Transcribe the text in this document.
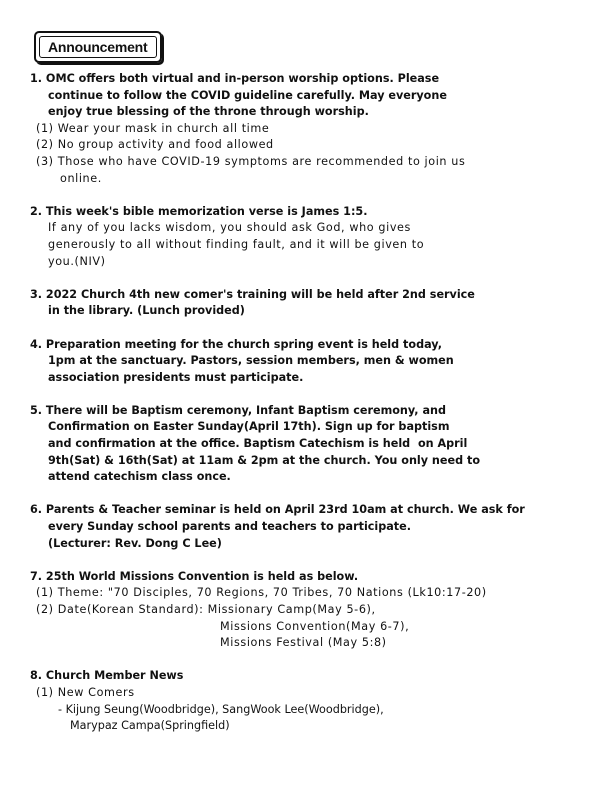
Announcement
1. OMC offers both virtual and in-person worship options. Please
continue to follow the COVID guideline carefully. May everyone
enjoy true blessing of the throne through worship.
(1) Wear your mask in church all time
(2) No group activity and food allowed
(3) Those who have COVID-19 symptoms are recommended to join us
online.
2. This week's bible memorization verse is James 1:5.
If any of you lacks wisdom, you should ask God, who gives
generously to all without finding fault, and it will be given to
you.(NIV)
3. 2022 Church 4th new comer's training will be held after 2nd service
in the library. (Lunch provided)
4. Preparation meeting for the church spring event is held today,
1pm at the sanctuary. Pastors, session members, men & women
association presidents must participate.
5. There will be Baptism ceremony, Infant Baptism ceremony, and
Confirmation on Easter Sunday(April 17th). Sign up for baptism
and confirmation at the office. Baptism Catechism is held  on April
9th(Sat) & 16th(Sat) at 11am & 2pm at the church. You only need to
attend catechism class once.
6. Parents & Teacher seminar is held on April 23rd 10am at church. We ask for
every Sunday school parents and teachers to participate.
(Lecturer: Rev. Dong C Lee)
7. 25th World Missions Convention is held as below.
(1) Theme: "70 Disciples, 70 Regions, 70 Tribes, 70 Nations (Lk10:17-20)
(2) Date(Korean Standard): Missionary Camp(May 5-6),
Missions Convention(May 6-7),
Missions Festival (May 5:8)
8. Church Member News
(1) New Comers
- Kijung Seung(Woodbridge), SangWook Lee(Woodbridge),
Marypaz Campa(Springfield)
